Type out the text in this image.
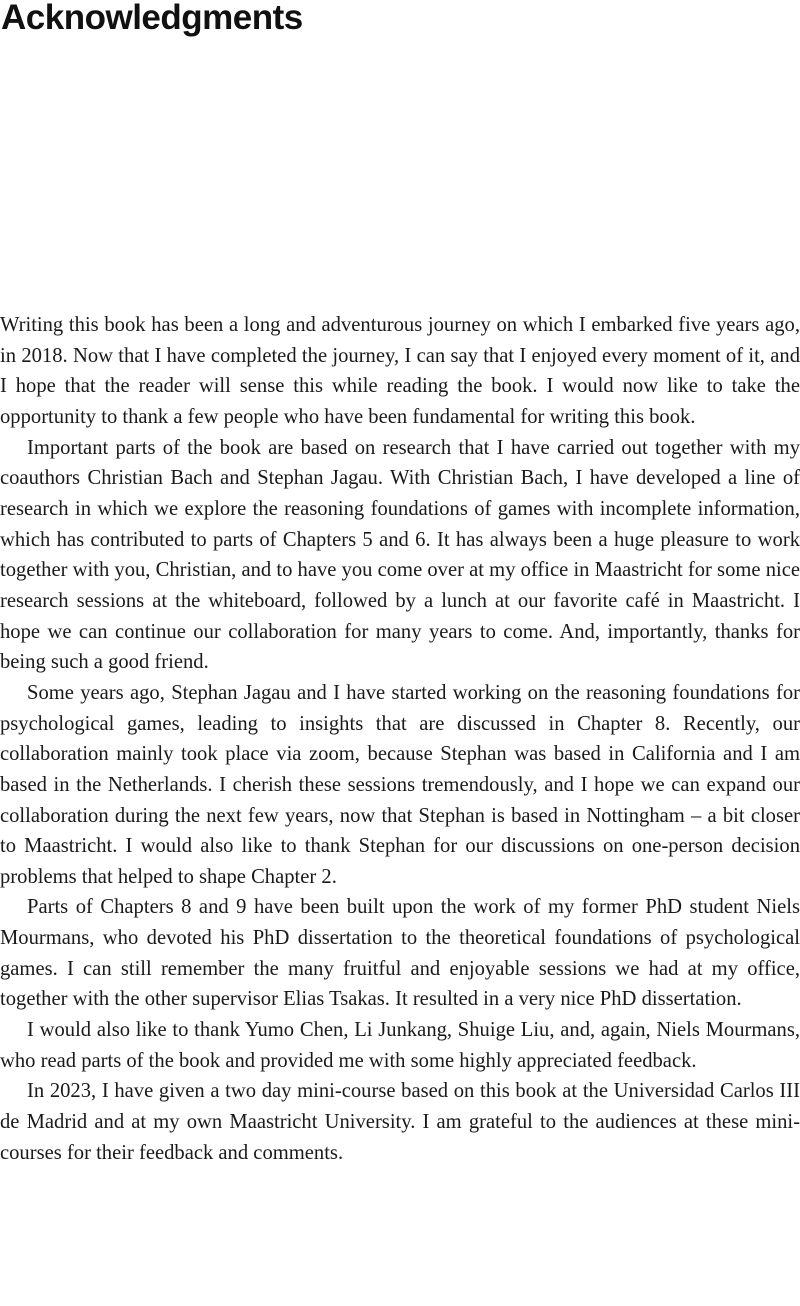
Acknowledgments

Writing this book has been a long and adventurous journey on which I embarked five years ago, in 2018. Now that I have completed the journey, I can say that I enjoyed every moment of it, and I hope that the reader will sense this while reading the book. I would now like to take the opportunity to thank a few people who have been fundamental for writing this book.

Important parts of the book are based on research that I have carried out together with my coauthors Christian Bach and Stephan Jagau. With Christian Bach, I have developed a line of research in which we explore the reasoning foundations of games with incomplete information, which has contributed to parts of Chapters 5 and 6. It has always been a huge pleasure to work together with you, Christian, and to have you come over at my office in Maastricht for some nice research sessions at the whiteboard, followed by a lunch at our favorite café in Maastricht. I hope we can continue our collaboration for many years to come. And, importantly, thanks for being such a good friend.

Some years ago, Stephan Jagau and I have started working on the reasoning foundations for psychological games, leading to insights that are discussed in Chapter 8. Recently, our collaboration mainly took place via zoom, because Stephan was based in California and I am based in the Netherlands. I cherish these sessions tremendously, and I hope we can expand our collaboration during the next few years, now that Stephan is based in Nottingham – a bit closer to Maastricht. I would also like to thank Stephan for our discussions on one-person decision problems that helped to shape Chapter 2.

Parts of Chapters 8 and 9 have been built upon the work of my former PhD student Niels Mourmans, who devoted his PhD dissertation to the theoretical foundations of psychological games. I can still remember the many fruitful and enjoyable sessions we had at my office, together with the other supervisor Elias Tsakas. It resulted in a very nice PhD dissertation.

I would also like to thank Yumo Chen, Li Junkang, Shuige Liu, and, again, Niels Mourmans, who read parts of the book and provided me with some highly appreciated feedback.

In 2023, I have given a two day mini-course based on this book at the Universidad Carlos III de Madrid and at my own Maastricht University. I am grateful to the audiences at these mini-courses for their feedback and comments.
